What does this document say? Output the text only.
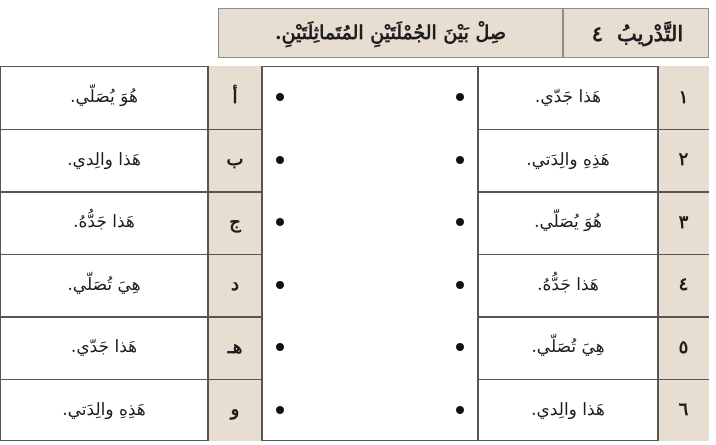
التَّدْريبُ
٤
صِلْ بَيْنَ الجُمْلَتَيْنِ المُتَماثِلَتَيْنِ.
١
هَذا جَدّي.
أ
هُوَ يُصَلّي.
٢
هَذِهِ والِدَتي.
ب
هَذا والِدي.
٣
هُوَ يُصَلّي.
ج
هَذا جَدُّهُ.
٤
هَذا جَدُّهُ.
د
هِيَ تُصَلّي.
٥
هِيَ تُصَلّي.
هـ
هَذا جَدّي.
٦
هَذا والِدي.
و
هَذِهِ والِدَتي.
